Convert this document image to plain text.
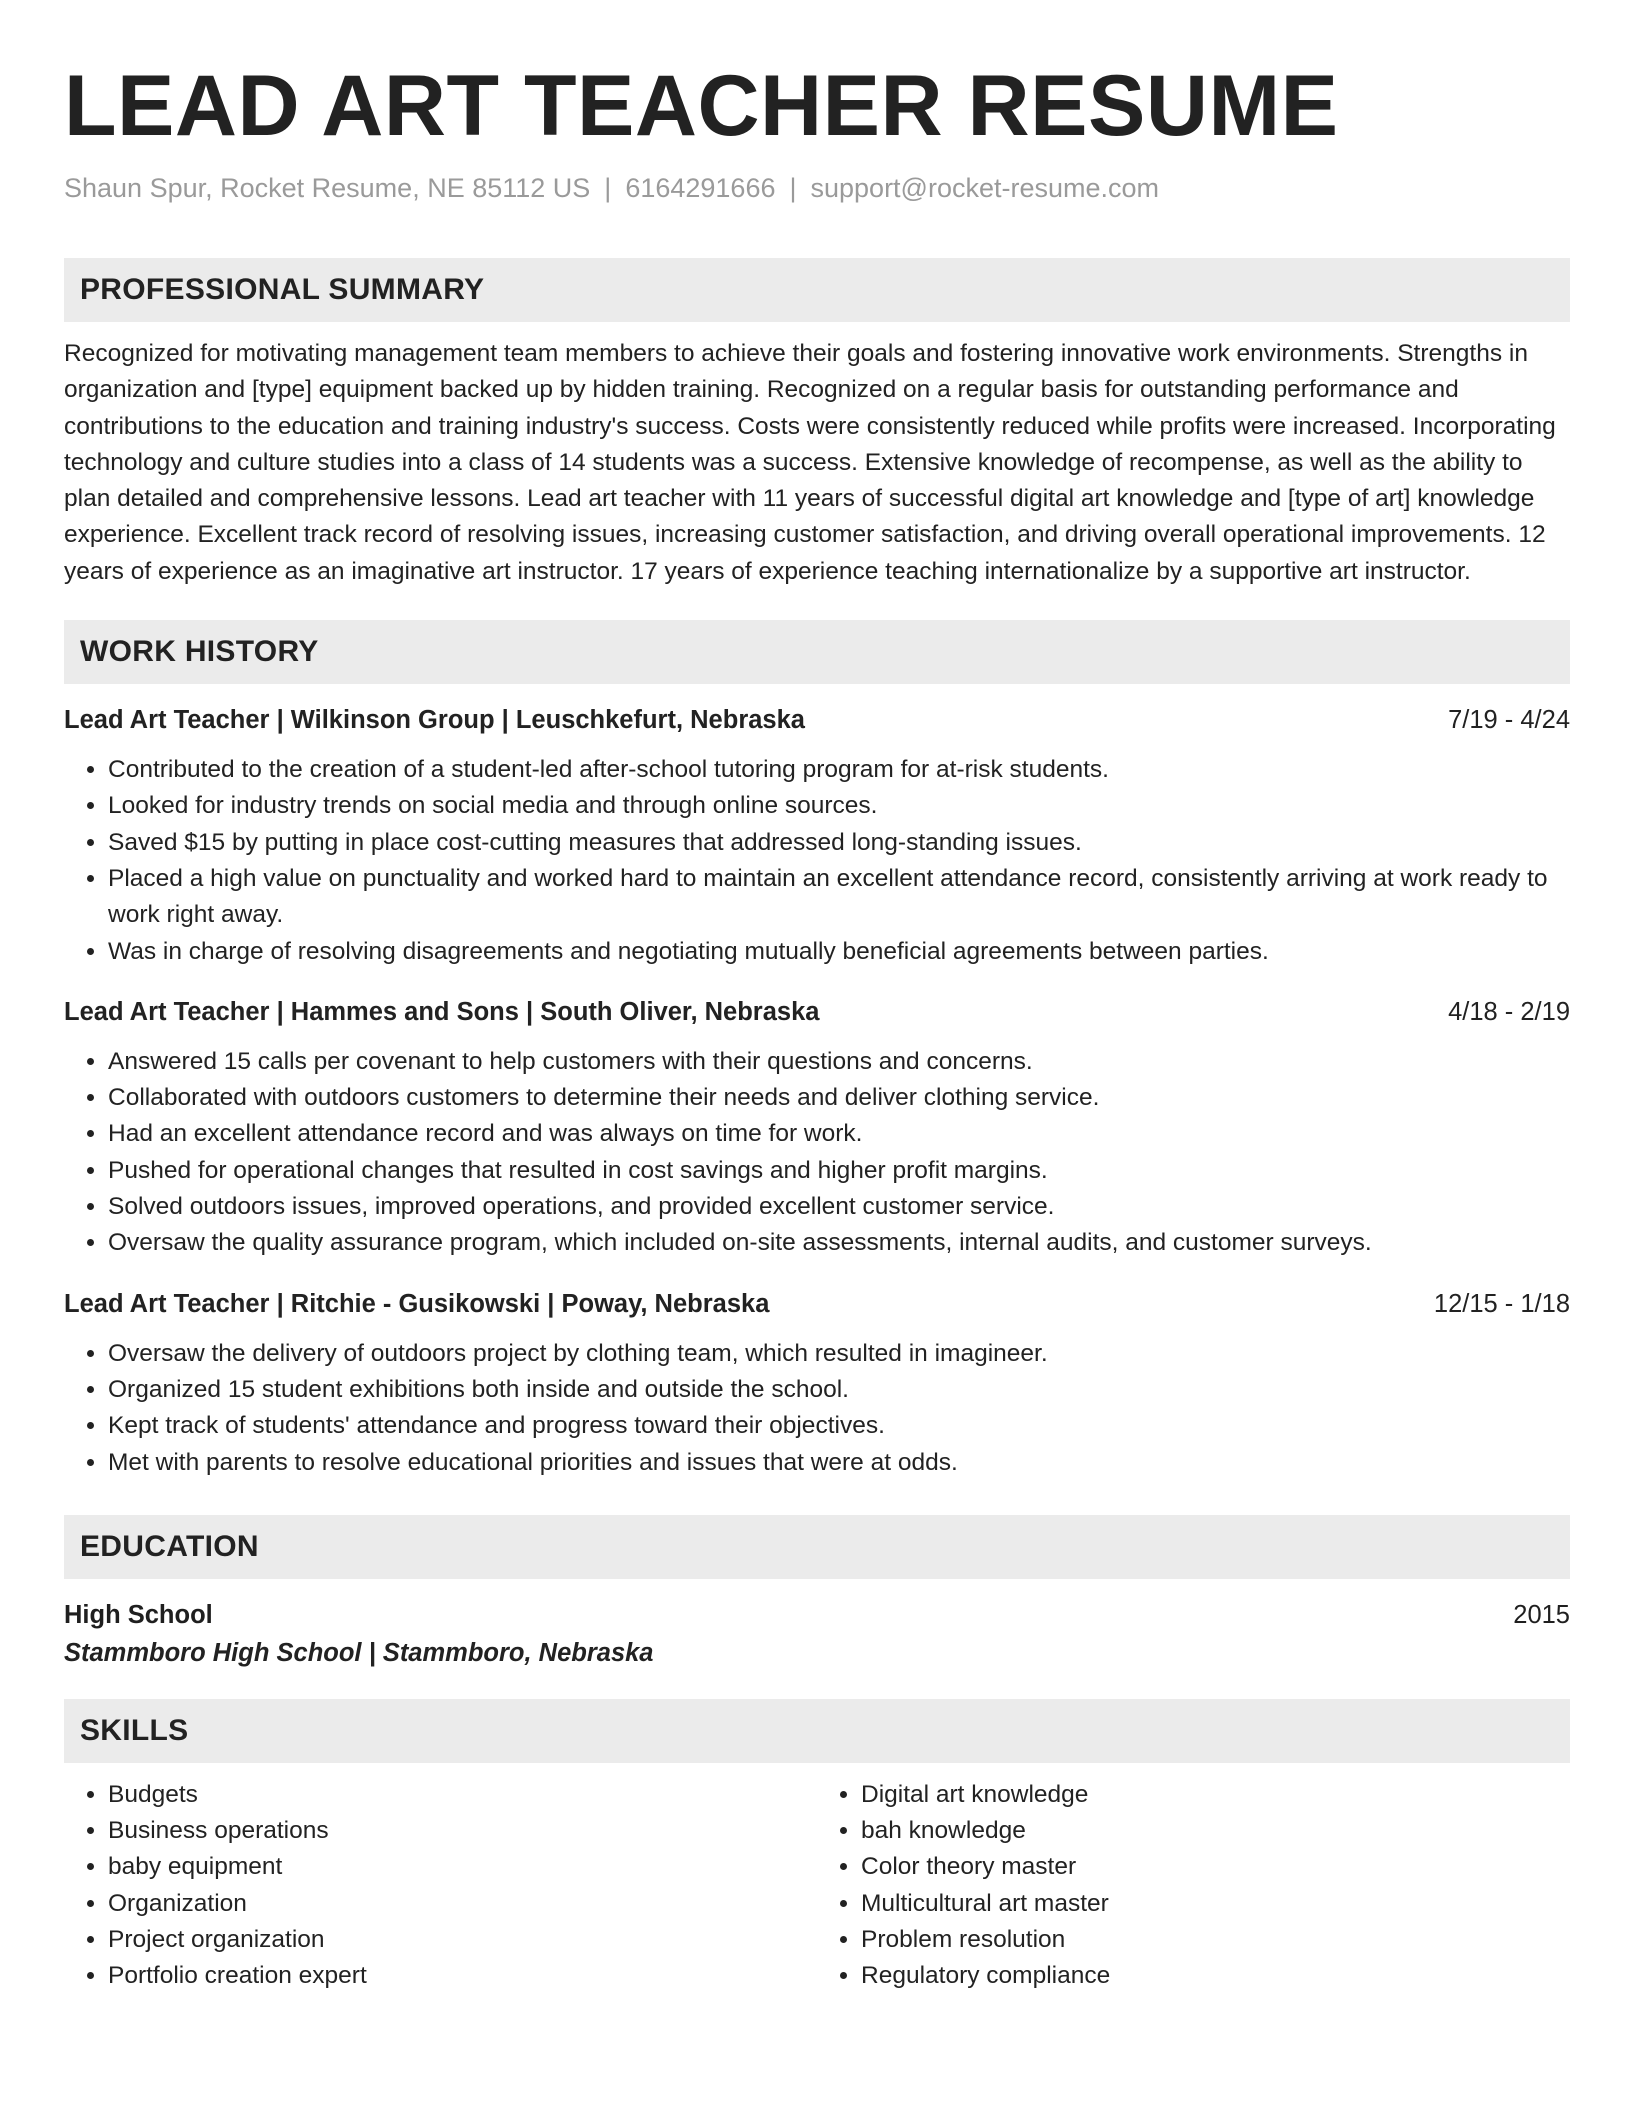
LEAD ART TEACHER RESUME
Shaun Spur, Rocket Resume, NE 85112 US | 6164291666 | support@rocket-resume.com
PROFESSIONAL SUMMARY

Recognized for motivating management team members to achieve their goals and fostering innovative work environments. Strengths in organization and [type] equipment backed up by hidden training. Recognized on a regular basis for outstanding performance and contributions to the education and training industry's success. Costs were consistently reduced while profits were increased. Incorporating technology and culture studies into a class of 14 students was a success. Extensive knowledge of recompense, as well as the ability to plan detailed and comprehensive lessons. Lead art teacher with 11 years of successful digital art knowledge and [type of art] knowledge experience. Excellent track record of resolving issues, increasing customer satisfaction, and driving overall operational improvements. 12 years of experience as an imaginative art instructor. 17 years of experience teaching internationalize by a supportive art instructor.

WORK HISTORY
Lead Art Teacher | Wilkinson Group | Leuschkefurt, Nebraska	7/19 - 4/24
• Contributed to the creation of a student-led after-school tutoring program for at-risk students.
• Looked for industry trends on social media and through online sources.
• Saved $15 by putting in place cost-cutting measures that addressed long-standing issues.
• Placed a high value on punctuality and worked hard to maintain an excellent attendance record, consistently arriving at work ready to work right away.
• Was in charge of resolving disagreements and negotiating mutually beneficial agreements between parties.
Lead Art Teacher | Hammes and Sons | South Oliver, Nebraska	4/18 - 2/19
• Answered 15 calls per covenant to help customers with their questions and concerns.
• Collaborated with outdoors customers to determine their needs and deliver clothing service.
• Had an excellent attendance record and was always on time for work.
• Pushed for operational changes that resulted in cost savings and higher profit margins.
• Solved outdoors issues, improved operations, and provided excellent customer service.
• Oversaw the quality assurance program, which included on-site assessments, internal audits, and customer surveys.
Lead Art Teacher | Ritchie - Gusikowski | Poway, Nebraska	12/15 - 1/18
• Oversaw the delivery of outdoors project by clothing team, which resulted in imagineer.
• Organized 15 student exhibitions both inside and outside the school.
• Kept track of students' attendance and progress toward their objectives.
• Met with parents to resolve educational priorities and issues that were at odds.
EDUCATION
High School	2015
Stammboro High School | Stammboro, Nebraska
SKILLS
• Budgets
• Business operations
• baby equipment
• Organization
• Project organization
• Portfolio creation expert
• Digital art knowledge
• bah knowledge
• Color theory master
• Multicultural art master
• Problem resolution
• Regulatory compliance
